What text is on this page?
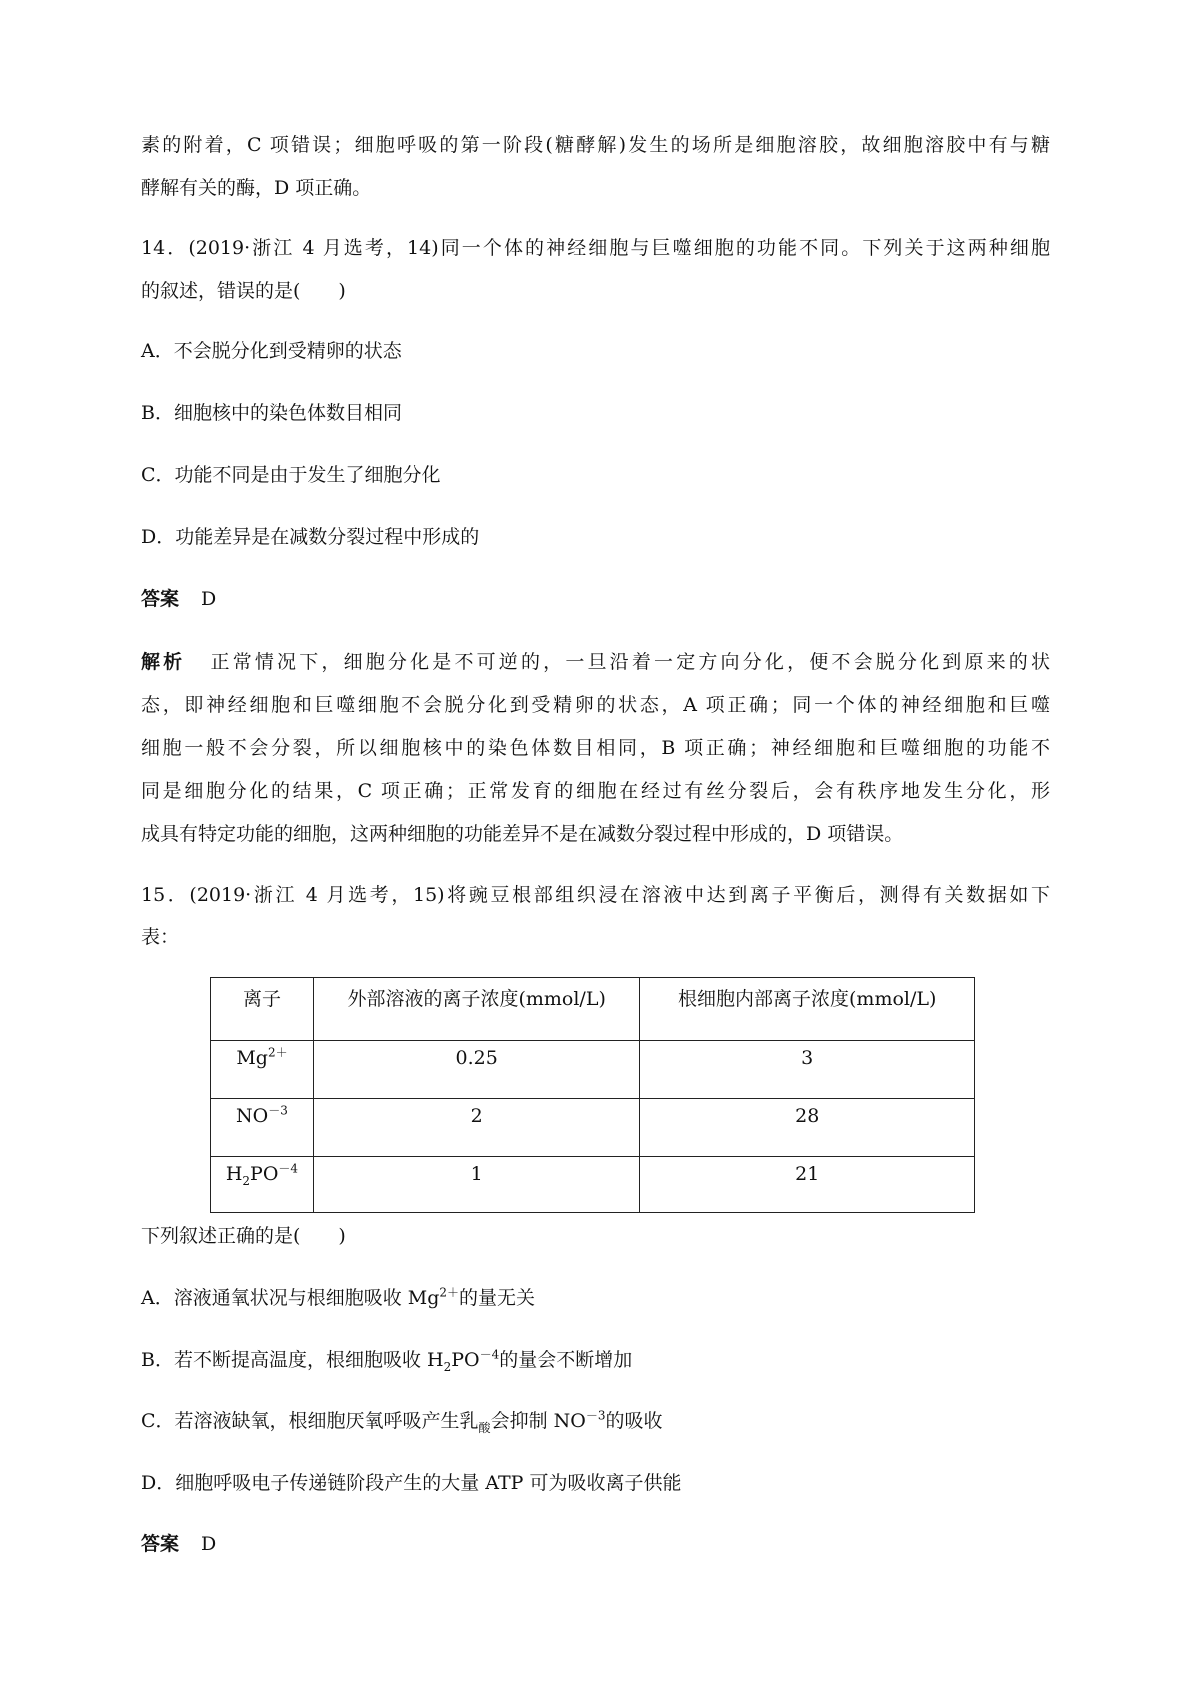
素的附着，C 项错误；细胞呼吸的第一阶段(糖酵解)发生的场所是细胞溶胶，故细胞溶胶中有与糖
酵解有关的酶，D 项正确。
14．(2019·浙江 4 月选考，14)同一个体的神经细胞与巨噬细胞的功能不同。下列关于这两种细胞
的叙述，错误的是(　　)
A．不会脱分化到受精卵的状态
B．细胞核中的染色体数目相同
C．功能不同是由于发生了细胞分化
D．功能差异是在减数分裂过程中形成的
答案 D
解析 正常情况下，细胞分化是不可逆的，一旦沿着一定方向分化，便不会脱分化到原来的状
态，即神经细胞和巨噬细胞不会脱分化到受精卵的状态，A 项正确；同一个体的神经细胞和巨噬
细胞一般不会分裂，所以细胞核中的染色体数目相同，B 项正确；神经细胞和巨噬细胞的功能不
同是细胞分化的结果，C 项正确；正常发育的细胞在经过有丝分裂后，会有秩序地发生分化，形
成具有特定功能的细胞，这两种细胞的功能差异不是在减数分裂过程中形成的，D 项错误。
15．(2019·浙江 4 月选考，15)将豌豆根部组织浸在溶液中达到离子平衡后，测得有关数据如下
表：
离子	外部溶液的离子浓度(mmol/L)	根细胞内部离子浓度(mmol/L)
$Mg^{2+}$	0.25	3
$NO^{-3}$	2	28
$H_2PO^{-4}$	1	21
下列叙述正确的是(　　)
A．溶液通氧状况与根细胞吸收 $Mg^{2+}$的量无关
B．若不断提高温度，根细胞吸收 $H_2PO^{-4}$的量会不断增加
C．若溶液缺氧，根细胞厌氧呼吸产生乳$_酸$会抑制 $NO^{-3}$的吸收
D．细胞呼吸电子传递链阶段产生的大量 ATP 可为吸收离子供能
答案 D
